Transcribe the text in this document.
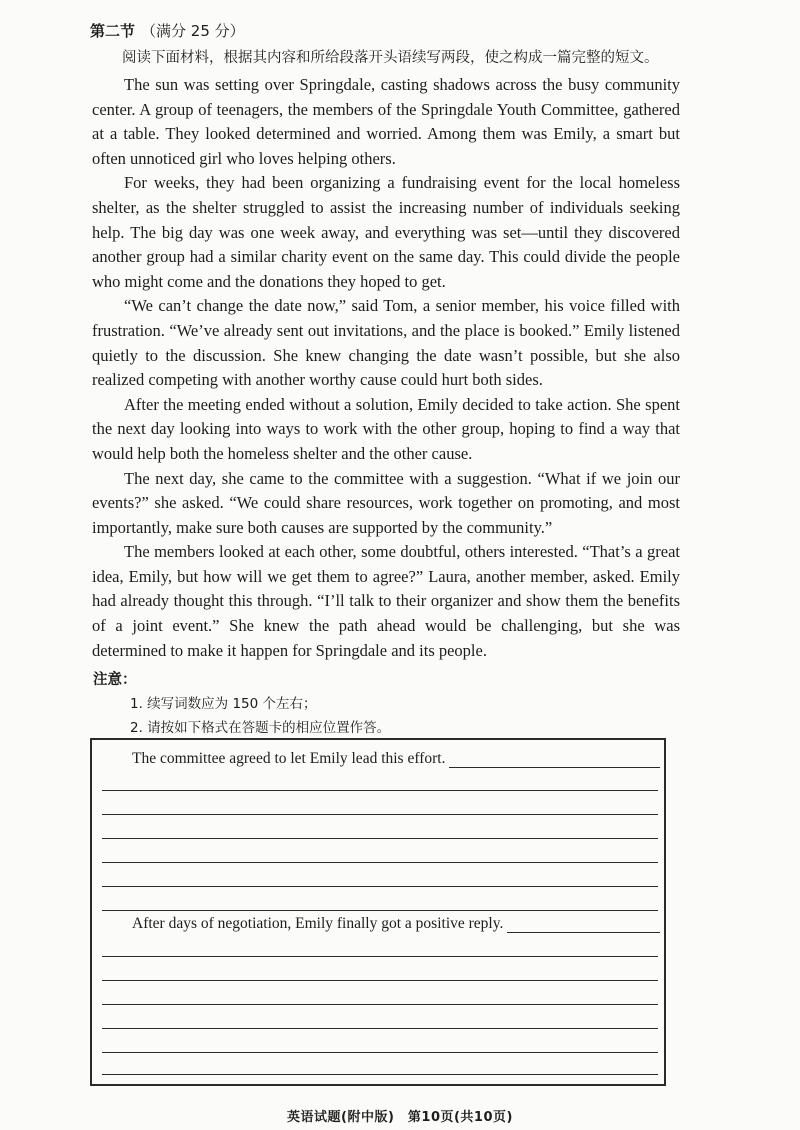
第二节 （满分 25 分）
阅读下面材料，根据其内容和所给段落开头语续写两段，使之构成一篇完整的短文。

The sun was setting over Springdale, casting shadows across the busy community center. A group of teenagers, the members of the Springdale Youth Committee, gathered at a table. They looked determined and worried. Among them was Emily, a smart but often unnoticed girl who loves helping others.

For weeks, they had been organizing a fundraising event for the local homeless shelter, as the shelter struggled to assist the increasing number of individuals seeking help. The big day was one week away, and everything was set—until they discovered another group had a similar charity event on the same day. This could divide the people who might come and the donations they hoped to get.

“We can’t change the date now,” said Tom, a senior member, his voice filled with frustration. “We’ve already sent out invitations, and the place is booked.” Emily listened quietly to the discussion. She knew changing the date wasn’t possible, but she also realized competing with another worthy cause could hurt both sides.

After the meeting ended without a solution, Emily decided to take action. She spent the next day looking into ways to work with the other group, hoping to find a way that would help both the homeless shelter and the other cause.

The next day, she came to the committee with a suggestion. “What if we join our events?” she asked. “We could share resources, work together on promoting, and most importantly, make sure both causes are supported by the community.”

The members looked at each other, some doubtful, others interested. “That’s a great idea, Emily, but how will we get them to agree?” Laura, another member, asked. Emily had already thought this through. “I’ll talk to their organizer and show them the benefits of a joint event.” She knew the path ahead would be challenging, but she was determined to make it happen for Springdale and its people.

注意：
1. 续写词数应为 150 个左右；
2. 请按如下格式在答题卡的相应位置作答。
The committee agreed to let Emily lead this effort.
After days of negotiation, Emily finally got a positive reply.
英语试题(附中版)　第10页(共10页)
